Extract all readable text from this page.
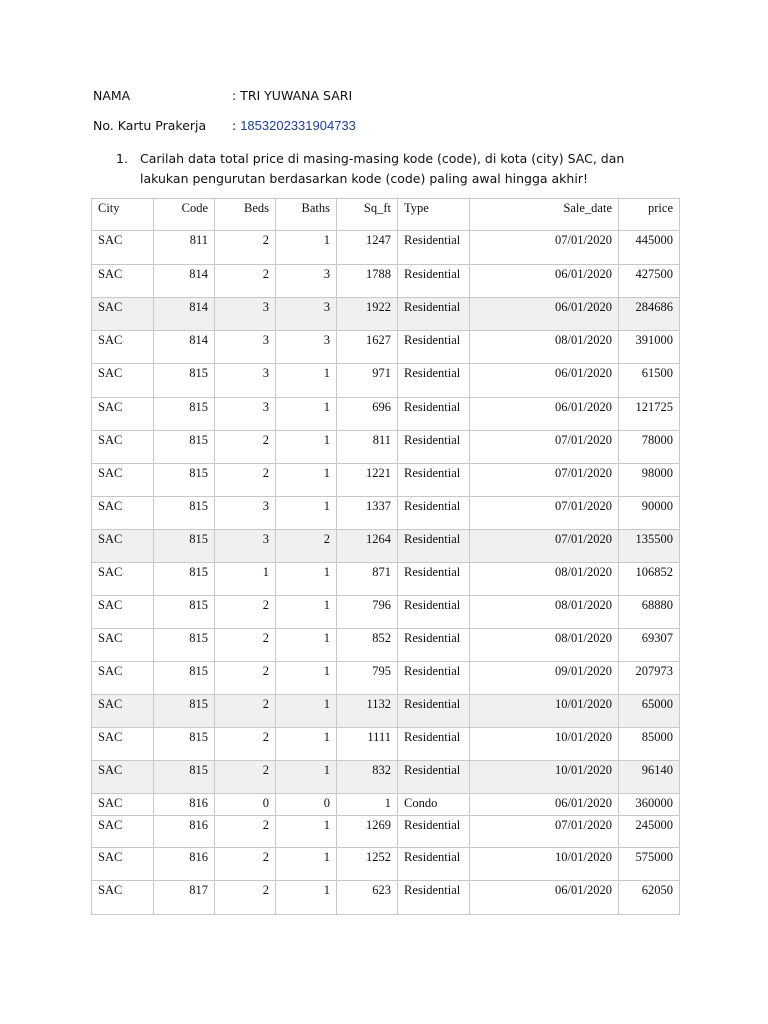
NAMA	: TRI YUWANA SARI
No. Kartu Prakerja : 1853202331904733
1. Carilah data total price di masing-masing kode (code), di kota (city) SAC, dan lakukan pengurutan berdasarkan kode (code) paling awal hingga akhir!
City	Code	Beds	Baths	Sq_ft	Type	Sale_date	price
SAC	811	2	1	1247	Residential	07/01/2020	445000
SAC	814	2	3	1788	Residential	06/01/2020	427500
SAC	814	3	3	1922	Residential	06/01/2020	284686
SAC	814	3	3	1627	Residential	08/01/2020	391000
SAC	815	3	1	971	Residential	06/01/2020	61500
SAC	815	3	1	696	Residential	06/01/2020	121725
SAC	815	2	1	811	Residential	07/01/2020	78000
SAC	815	2	1	1221	Residential	07/01/2020	98000
SAC	815	3	1	1337	Residential	07/01/2020	90000
SAC	815	3	2	1264	Residential	07/01/2020	135500
SAC	815	1	1	871	Residential	08/01/2020	106852
SAC	815	2	1	796	Residential	08/01/2020	68880
SAC	815	2	1	852	Residential	08/01/2020	69307
SAC	815	2	1	795	Residential	09/01/2020	207973
SAC	815	2	1	1132	Residential	10/01/2020	65000
SAC	815	2	1	1111	Residential	10/01/2020	85000
SAC	815	2	1	832	Residential	10/01/2020	96140
SAC	816	0	0	1	Condo	06/01/2020	360000
SAC	816	2	1	1269	Residential	07/01/2020	245000
SAC	816	2	1	1252	Residential	10/01/2020	575000
SAC	817	2	1	623	Residential	06/01/2020	62050
